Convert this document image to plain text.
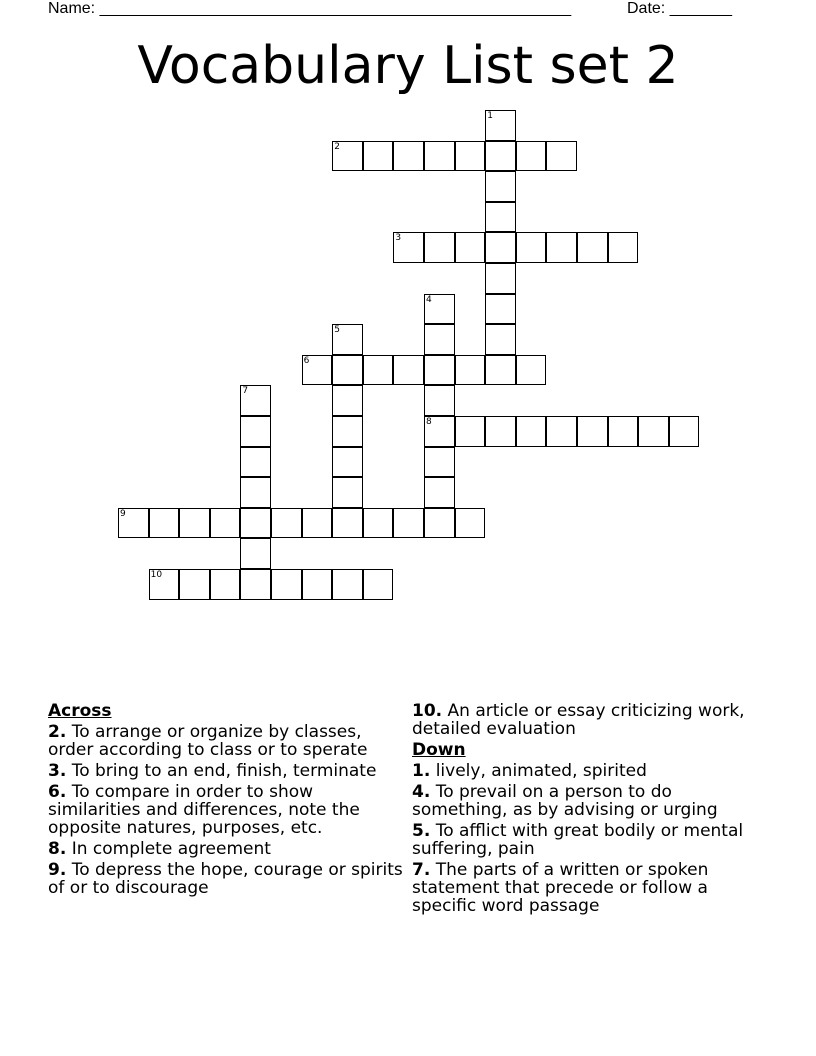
Name: _____________________________________________________	Date: _______
Vocabulary List set 2
1
2
3
4
8
5
6
7
9
10
Across
2. To arrange or organize by classes, order according to class or to sperate
3. To bring to an end, finish, terminate
6. To compare in order to show similarities and differences, note the opposite natures, purposes, etc.
8. In complete agreement
9. To depress the hope, courage or spirits of or to discourage
10. An article or essay criticizing work, detailed evaluation
Down
1. lively, animated, spirited
4. To prevail on a person to do something, as by advising or urging
5. To afflict with great bodily or mental suffering, pain
7. The parts of a written or spoken statement that precede or follow a specific word passage
